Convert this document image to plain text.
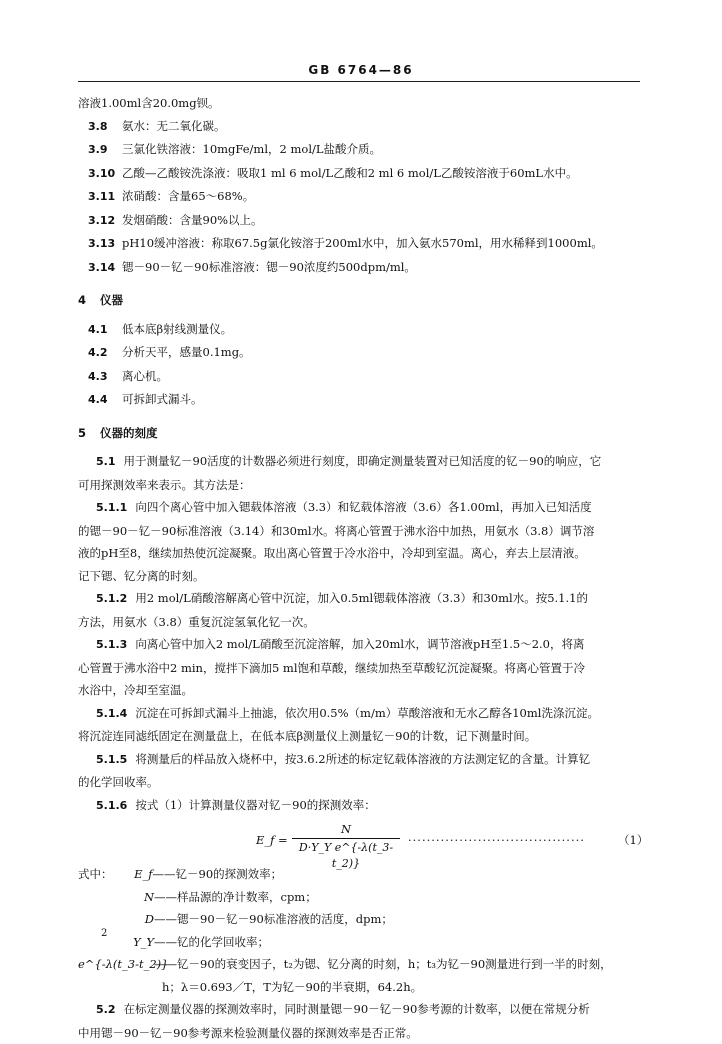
GB 6764—86
溶液1.00ml含20.0mg钡。
3.8 氨水：无二氧化碳。
3.9 三氯化铁溶液：10mgFe/ml，2 mol/L盐酸介质。
3.10 乙酸—乙酸铵洗涤液：吸取1 ml 6 mol/L乙酸和2 ml 6 mol/L乙酸铵溶液于60mL水中。
3.11 浓硝酸：含量65～68%。
3.12 发烟硝酸：含量90%以上。
3.13 pH10缓冲溶液：称取67.5g氯化铵溶于200ml水中，加入氨水570ml，用水稀释到1000ml。
3.14 锶－90－钇－90标准溶液：锶－90浓度约500dpm/ml。
4 仪器
4.1 低本底β射线测量仪。
4.2 分析天平，感量0.1mg。
4.3 离心机。
4.4 可拆卸式漏斗。
5 仪器的刻度
5.1 用于测量钇－90活度的计数器必须进行刻度，即确定测量装置对已知活度的钇－90的响应，它
可用探测效率来表示。其方法是：
5.1.1 向四个离心管中加入锶载体溶液（3.3）和钇载体溶液（3.6）各1.00ml，再加入已知活度
的锶－90－钇－90标准溶液（3.14）和30ml水。将离心管置于沸水浴中加热，用氨水（3.8）调节溶
液的pH至8，继续加热使沉淀凝聚。取出离心管置于冷水浴中，冷却到室温。离心，弃去上层清液。
记下锶、钇分离的时刻。
5.1.2 用2 mol/L硝酸溶解离心管中沉淀，加入0.5ml锶载体溶液（3.3）和30ml水。按5.1.1的
方法，用氨水（3.8）重复沉淀氢氧化钇一次。
5.1.3 向离心管中加入2 mol/L硝酸至沉淀溶解，加入20ml水，调节溶液pH至1.5～2.0，将离
心管置于沸水浴中2 min，搅拌下滴加5 ml饱和草酸，继续加热至草酸钇沉淀凝聚。将离心管置于冷
水浴中，冷却至室温。
5.1.4 沉淀在可拆卸式漏斗上抽滤，依次用0.5%（m/m）草酸溶液和无水乙醇各10ml洗涤沉淀。
将沉淀连同滤纸固定在测量盘上，在低本底β测量仪上测量钇－90的计数，记下测量时间。
5.1.5 将测量后的样品放入烧杯中，按3.6.2所述的标定钇载体溶液的方法测定钇的含量。计算钇
的化学回收率。
5.1.6 按式（1）计算测量仪器对钇－90的探测效率：
E_f =
N
D·Y_Y e^{-λ(t_3-t_2)}
······································	（1）
式中： E_f——钇－90的探测效率；
N——样品源的净计数率，cpm；
D——锶－90－钇－90标准溶液的活度，dpm；
Y_Y——钇的化学回收率；
e^{-λ(t_3-t_2)}——钇－90的衰变因子，t₂为锶、钇分离的时刻，h；t₃为钇－90测量进行到一半的时刻，
h；λ＝0.693／T，T为钇－90的半衰期，64.2h。
5.2 在标定测量仪器的探测效率时，同时测量锶－90－钇－90参考源的计数率，以便在常规分析
中用锶－90－钇－90参考源来检验测量仪器的探测效率是否正常。
2
